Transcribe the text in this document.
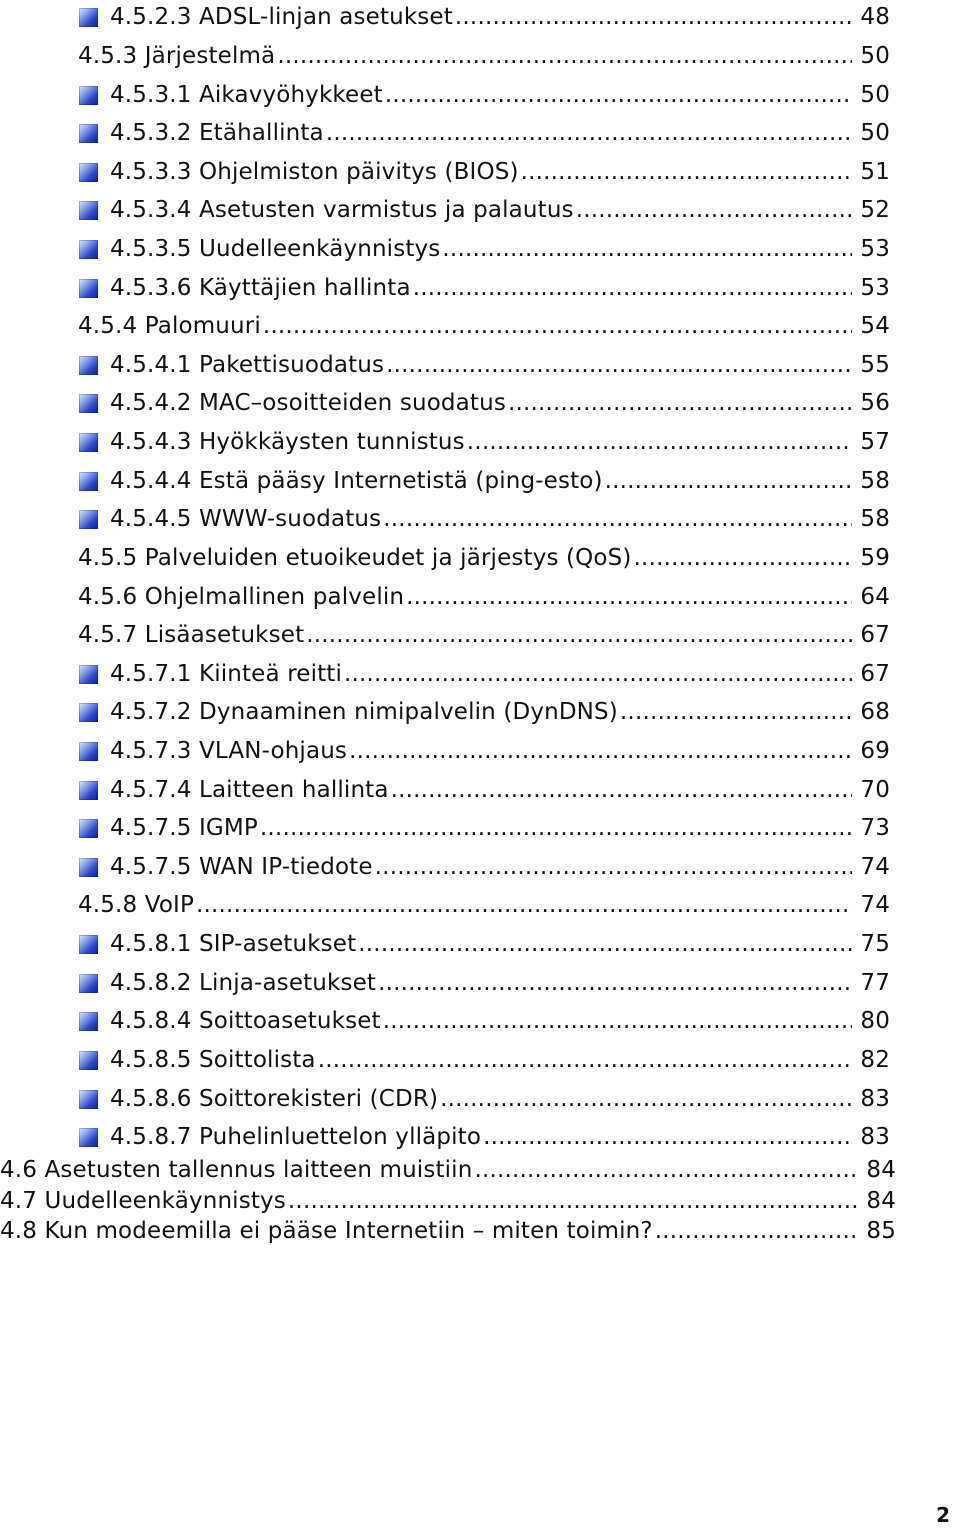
4.5.2.3 ADSL-linjan asetukset .....	48
4.5.3 Järjestelmä .....	50
4.5.3.1 Aikavyöhykkeet .....	50
4.5.3.2 Etähallinta .....	50
4.5.3.3 Ohjelmiston päivitys (BIOS) .....	51
4.5.3.4 Asetusten varmistus ja palautus .....	52
4.5.3.5 Uudelleenkäynnistys .....	53
4.5.3.6 Käyttäjien hallinta .....	53
4.5.4 Palomuuri .....	54
4.5.4.1 Pakettisuodatus .....	55
4.5.4.2 MAC–osoitteiden suodatus .....	56
4.5.4.3 Hyökkäysten tunnistus .....	57
4.5.4.4 Estä pääsy Internetistä (ping-esto) .....	58
4.5.4.5 WWW-suodatus .....	58
4.5.5 Palveluiden etuoikeudet ja järjestys (QoS) .....	59
4.5.6 Ohjelmallinen palvelin .....	64
4.5.7 Lisäasetukset .....	67
4.5.7.1 Kiinteä reitti .....	67
4.5.7.2 Dynaaminen nimipalvelin (DynDNS) .....	68
4.5.7.3 VLAN-ohjaus .....	69
4.5.7.4 Laitteen hallinta .....	70
4.5.7.5 IGMP .....	73
4.5.7.5 WAN IP-tiedote .....	74
4.5.8 VoIP .....	74
4.5.8.1 SIP-asetukset .....	75
4.5.8.2 Linja-asetukset .....	77
4.5.8.4 Soittoasetukset .....	80
4.5.8.5 Soittolista .....	82
4.5.8.6 Soittorekisteri (CDR) .....	83
4.5.8.7 Puhelinluettelon ylläpito .....	83
4.6 Asetusten tallennus laitteen muistiin .....	84
4.7 Uudelleenkäynnistys .....	84
4.8 Kun modeemilla ei pääse Internetiin – miten toimin? .....	85
2
